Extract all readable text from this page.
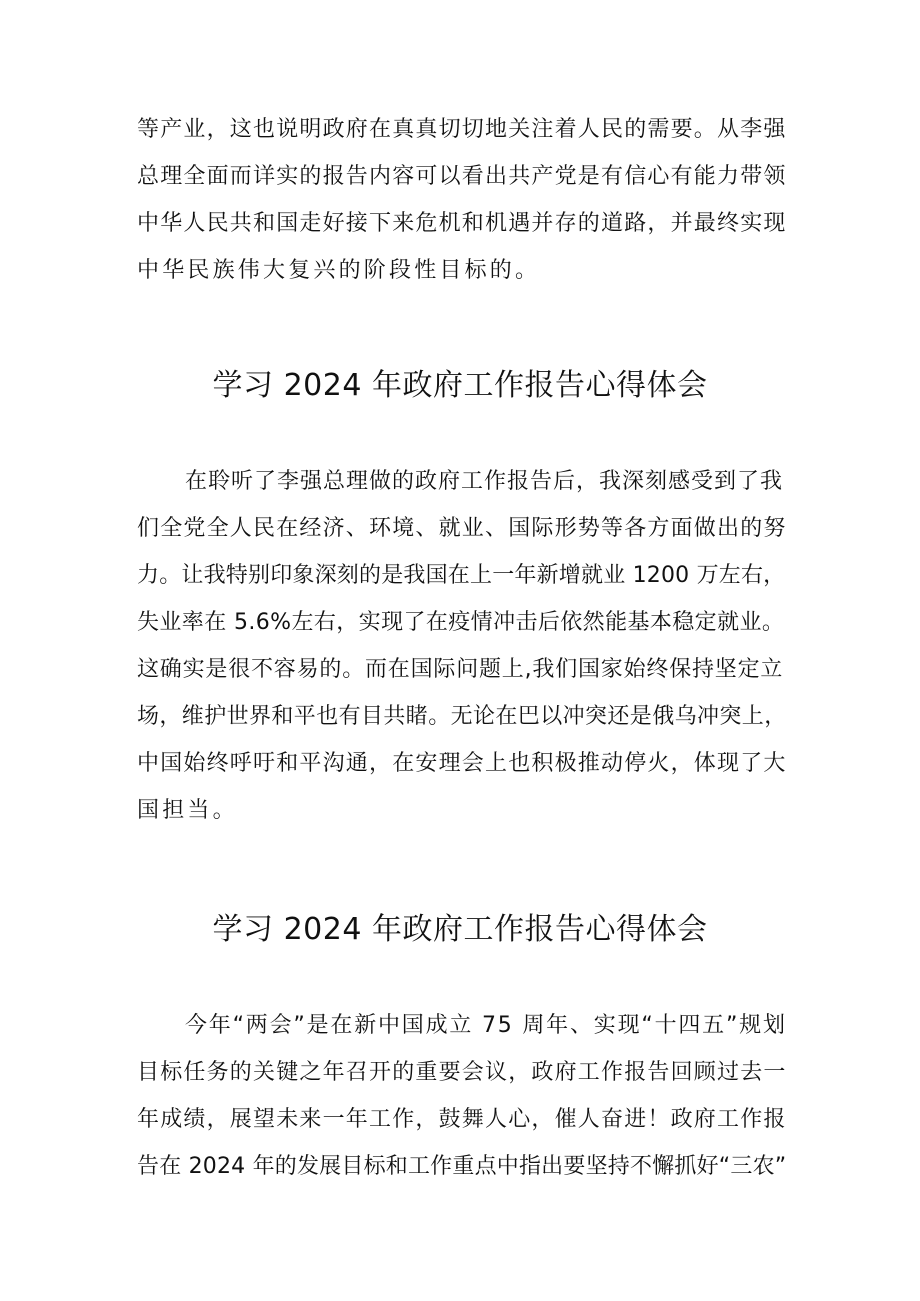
等产业，这也说明政府在真真切切地关注着人民的需要。从李强
总理全面而详实的报告内容可以看出共产党是有信心有能力带领
中华人民共和国走好接下来危机和机遇并存的道路，并最终实现
中华民族伟大复兴的阶段性目标的。
学习 2024 年政府工作报告心得体会
在聆听了李强总理做的政府工作报告后，我深刻感受到了我
们全党全人民在经济、环境、就业、国际形势等各方面做出的努
力。让我特别印象深刻的是我国在上一年新增就业 1200 万左右，
失业率在 5.6%左右，实现了在疫情冲击后依然能基本稳定就业。
这确实是很不容易的。而在国际问题上,我们国家始终保持坚定立
场，维护世界和平也有目共睹。无论在巴以冲突还是俄乌冲突上，
中国始终呼吁和平沟通，在安理会上也积极推动停火，体现了大
国担当。
学习 2024 年政府工作报告心得体会
今年“两会”是在新中国成立 75 周年、实现“十四五”规划
目标任务的关键之年召开的重要会议，政府工作报告回顾过去一
年成绩，展望未来一年工作，鼓舞人心，催人奋进！政府工作报
告在 2024 年的发展目标和工作重点中指出要坚持不懈抓好“三农”
